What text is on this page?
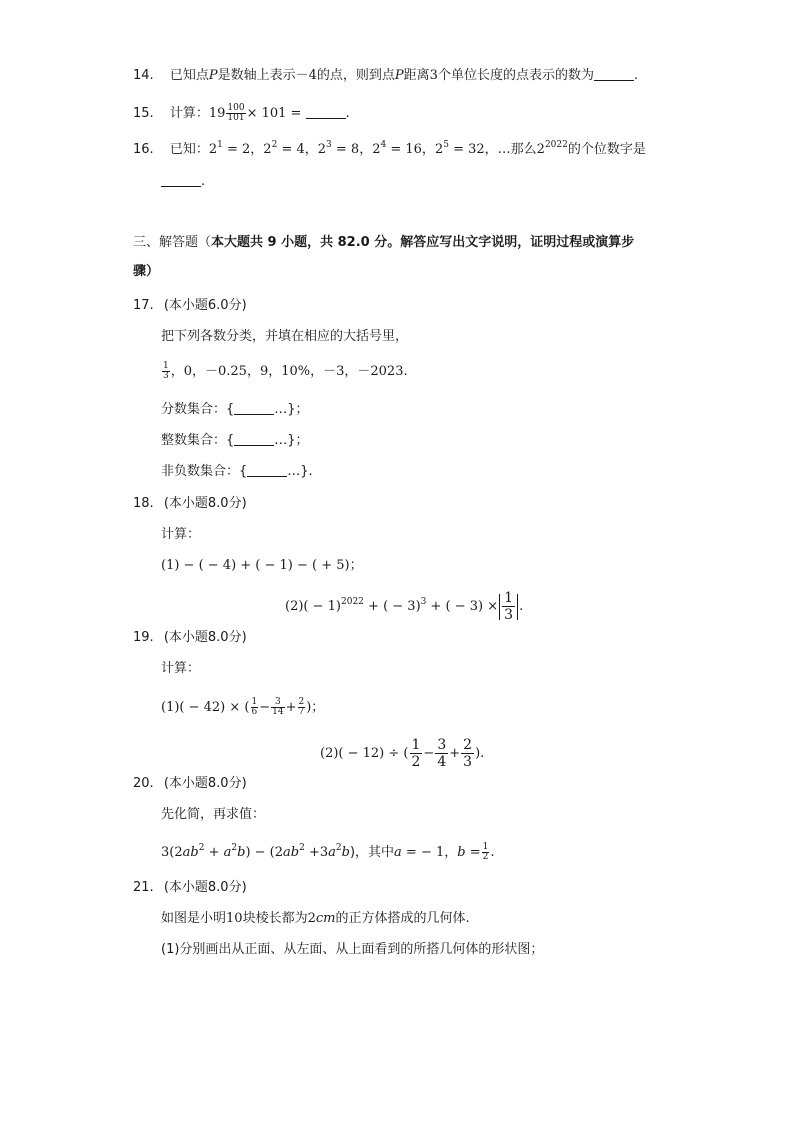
14. 已知点P是数轴上表示－4的点，则到点P距离3个单位长度的点表示的数为	.
15. 计算：$19 \frac{100}{101} \times 101$ =	.
16. 已知：$2^1 = 2$，$2^2 = 4$，$2^3 = 8$，$2^4 = 16$，$2^5 = 32$，…那么$2^{2022}$的个位数字是
.
三、解答题（本大题共 9 小题，共 82.0 分。解答应写出文字说明，证明过程或演算步
骤）
17. (本小题6.0分)
把下列各数分类，并填在相应的大括号里，
$\frac{1}{3}$ ，0，－0.25，9，10%，－3，－2023.
分数集合：{	…}；
整数集合：{	…}；
非负数集合：{	…}.
18. (本小题8.0分)
计算：
(1) − ( − 4) + ( − 1) − ( + 5)；
$(2)( - 1)^{2022}$ + ( − 3)$^3$ + ( − $3) \times \frac{1}{3}$ .
19. (本小题8.0分)
计算：
(1)( − 42) × ( $\frac{1}{6} - \frac{3}{14} + \frac{2}{7}$ )；
(2)( − 12) ÷ ( $\frac{1}{2} - \frac{3}{4} + \frac{2}{3}$ ).
20. (本小题8.0分)
先化简，再求值：
$3(2ab^2 + a^2b) - (2ab^2 +3a^2b)$，其中a = − 1，$b = \frac{1}{2}$ .
21. (本小题8.0分)
如图是小明10块棱长都为2cm的正方体搭成的几何体.
(1)分别画出从正面、从左面、从上面看到的所搭几何体的形状图；
